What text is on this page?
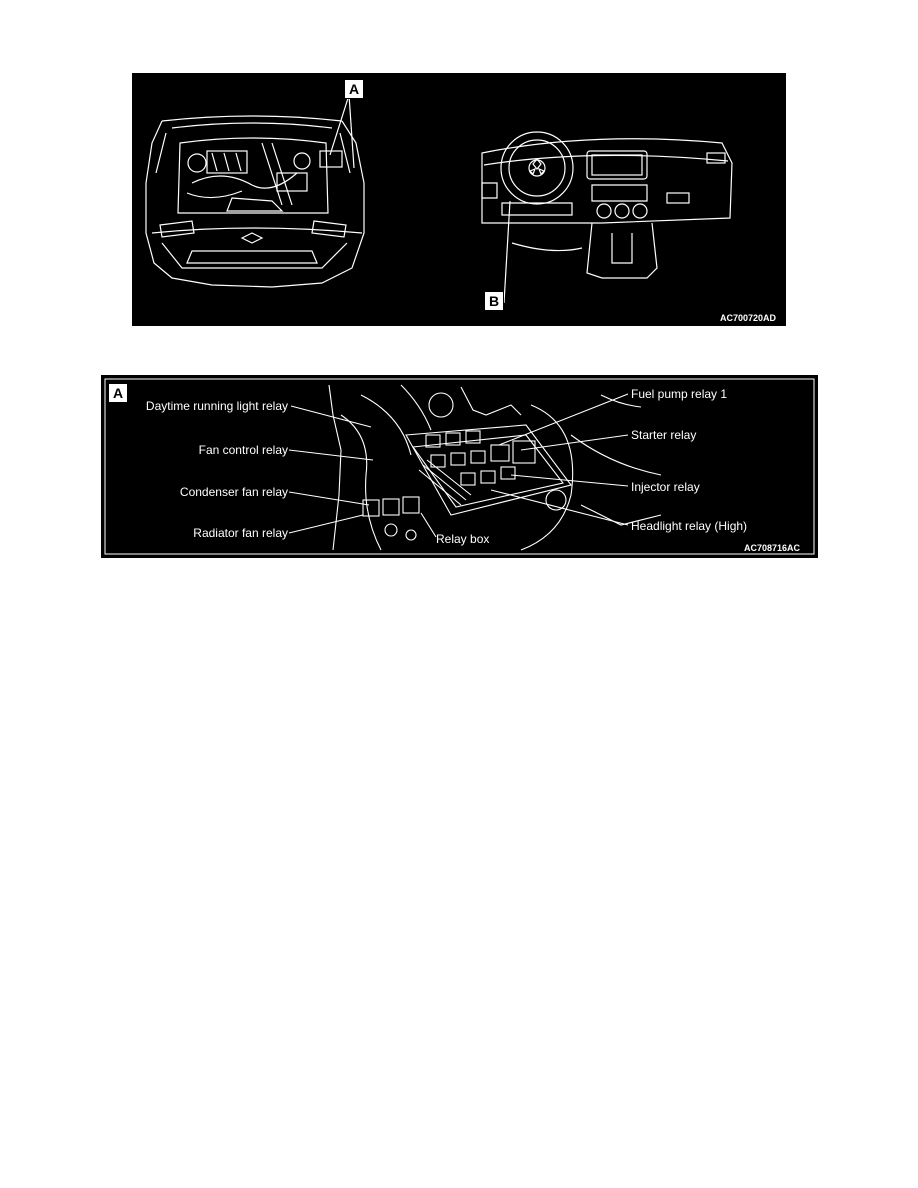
A
B
AC700720AD
A
Daytime running light relay
Fan control relay
Condenser fan relay
Radiator fan relay
Fuel pump relay 1
Starter relay
Injector relay
Headlight relay (High)
Relay box
AC708716AC
